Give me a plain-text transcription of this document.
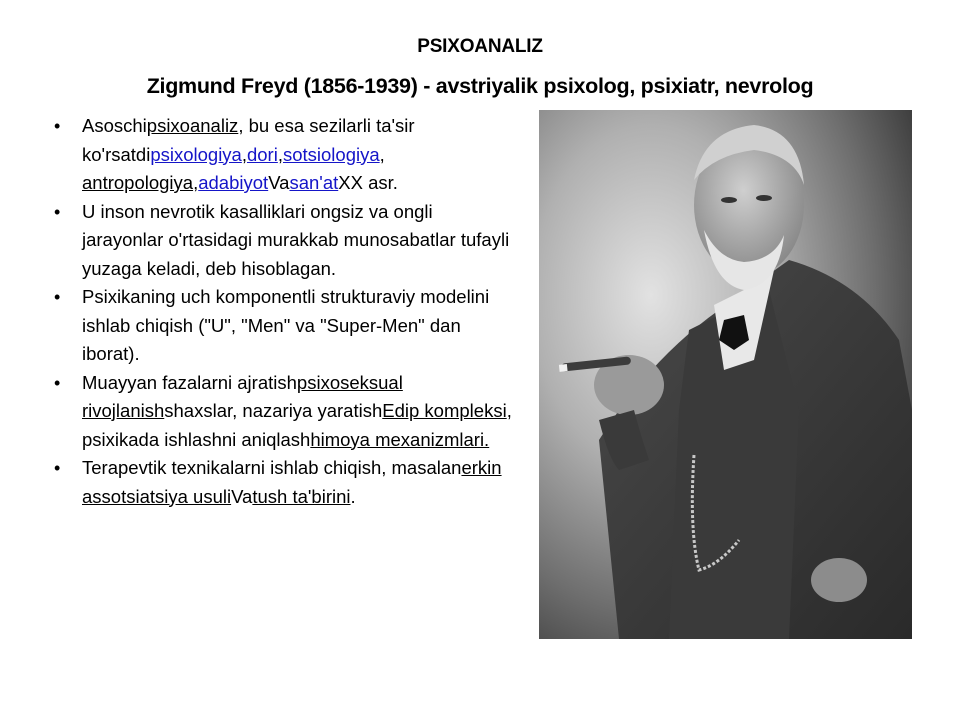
PSIXOANALIZ
Zigmund Freyd (1856-1939) - avstriyalik psixolog, psixiatr, nevrolog
• Asoschipsixoanaliz, bu esa sezilarli ta'sir ko'rsatdipsixologiya,dori,sotsiologiya, antropologiya,adabiyotVasan'atXX asr.
• U inson nevrotik kasalliklari ongsiz va ongli jarayonlar o'rtasidagi murakkab munosabatlar tufayli yuzaga keladi, deb hisoblagan.
• Psixikaning uch komponentli strukturaviy modelini ishlab chiqish ("U", "Men" va "Super-Men" dan iborat).
• Muayyan fazalarni ajratishpsixoseksual rivojlanishshaxslar, nazariya yaratishEdip kompleksi, psixikada ishlashni aniqlashhimoya mexanizmlari.
• Terapevtik texnikalarni ishlab chiqish, masalanerkin assotsiatsiya usuliVatush ta'birini.
